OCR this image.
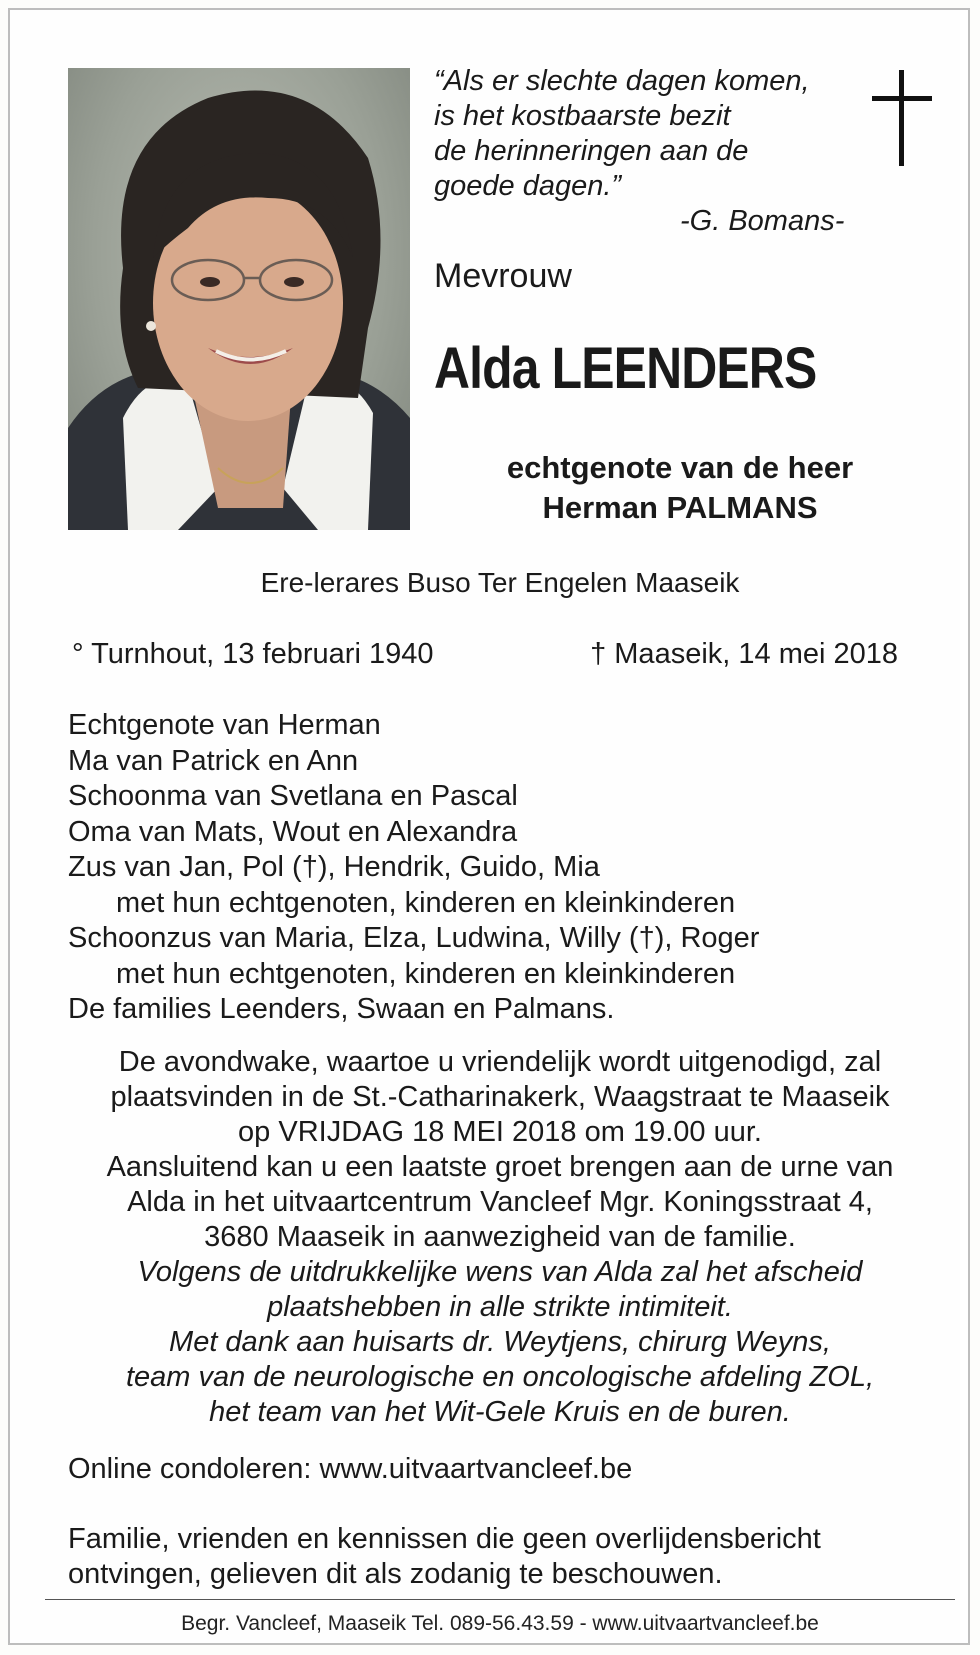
“Als er slechte dagen komen,
is het kostbaarste bezit
de herinneringen aan de
goede dagen.”
-G. Bomans-
Mevrouw
Alda LEENDERS
echtgenote van de heer
Herman PALMANS
Ere-lerares Buso Ter Engelen Maaseik
° Turnhout, 13 februari 1940	† Maaseik, 14 mei 2018
Echtgenote van Herman
Ma van Patrick en Ann
Schoonma van Svetlana en Pascal
Oma van Mats, Wout en Alexandra
Zus van Jan, Pol (†), Hendrik, Guido, Mia
met hun echtgenoten, kinderen en kleinkinderen
Schoonzus van Maria, Elza, Ludwina, Willy (†), Roger
met hun echtgenoten, kinderen en kleinkinderen
De families Leenders, Swaan en Palmans.
De avondwake, waartoe u vriendelijk wordt uitgenodigd, zal
plaatsvinden in de St.-Catharinakerk, Waagstraat te Maaseik
op VRIJDAG 18 MEI 2018 om 19.00 uur.
Aansluitend kan u een laatste groet brengen aan de urne van
Alda in het uitvaartcentrum Vancleef Mgr. Koningsstraat 4,
3680 Maaseik in aanwezigheid van de familie.
Volgens de uitdrukkelijke wens van Alda zal het afscheid
plaatshebben in alle strikte intimiteit.
Met dank aan huisarts dr. Weytjens, chirurg Weyns,
team van de neurologische en oncologische afdeling ZOL,
het team van het Wit-Gele Kruis en de buren.
Online condoleren: www.uitvaartvancleef.be
Familie, vrienden en kennissen die geen overlijdensbericht
ontvingen, gelieven dit als zodanig te beschouwen.
Begr. Vancleef, Maaseik Tel. 089-56.43.59 - www.uitvaartvancleef.be
